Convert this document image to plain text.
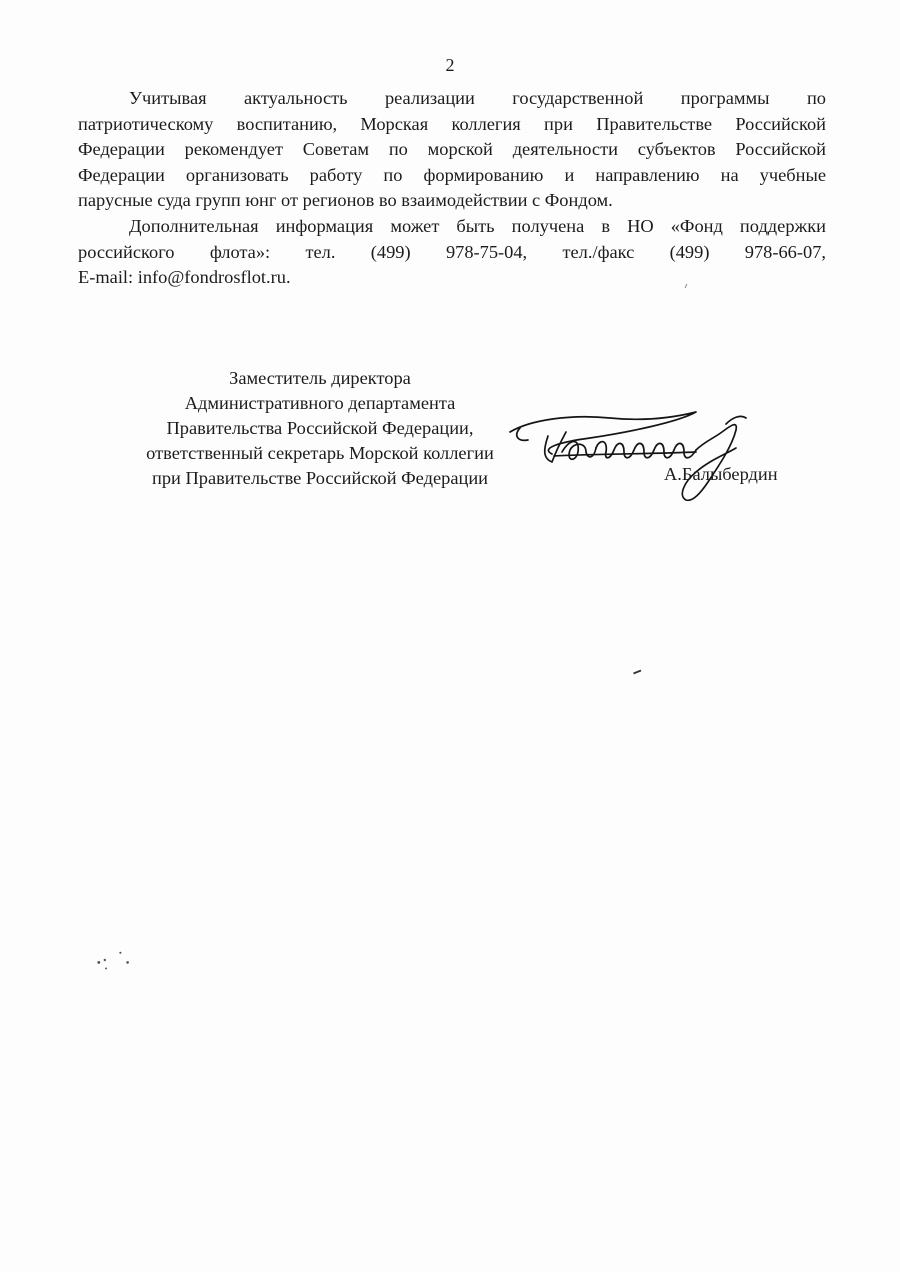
2

Учитывая актуальность реализации государственной программы по
патриотическому воспитанию, Морская коллегия при Правительстве Российской
Федерации рекомендует Советам по морской деятельности субъектов Российской
Федерации организовать работу по формированию и направлению на учебные
парусные суда групп юнг от регионов во взаимодействии с Фондом.

Дополнительная информация может быть получена в НО «Фонд поддержки
российского флота»: тел. (499) 978-75-04, тел./факс (499) 978-66-07,
E-mail: info@fondrosflot.ru.

Заместитель директора
Административного департамента
Правительства Российской Федерации,
ответственный секретарь Морской коллегии
при Правительстве Российской Федерации	А.Балыбердин
